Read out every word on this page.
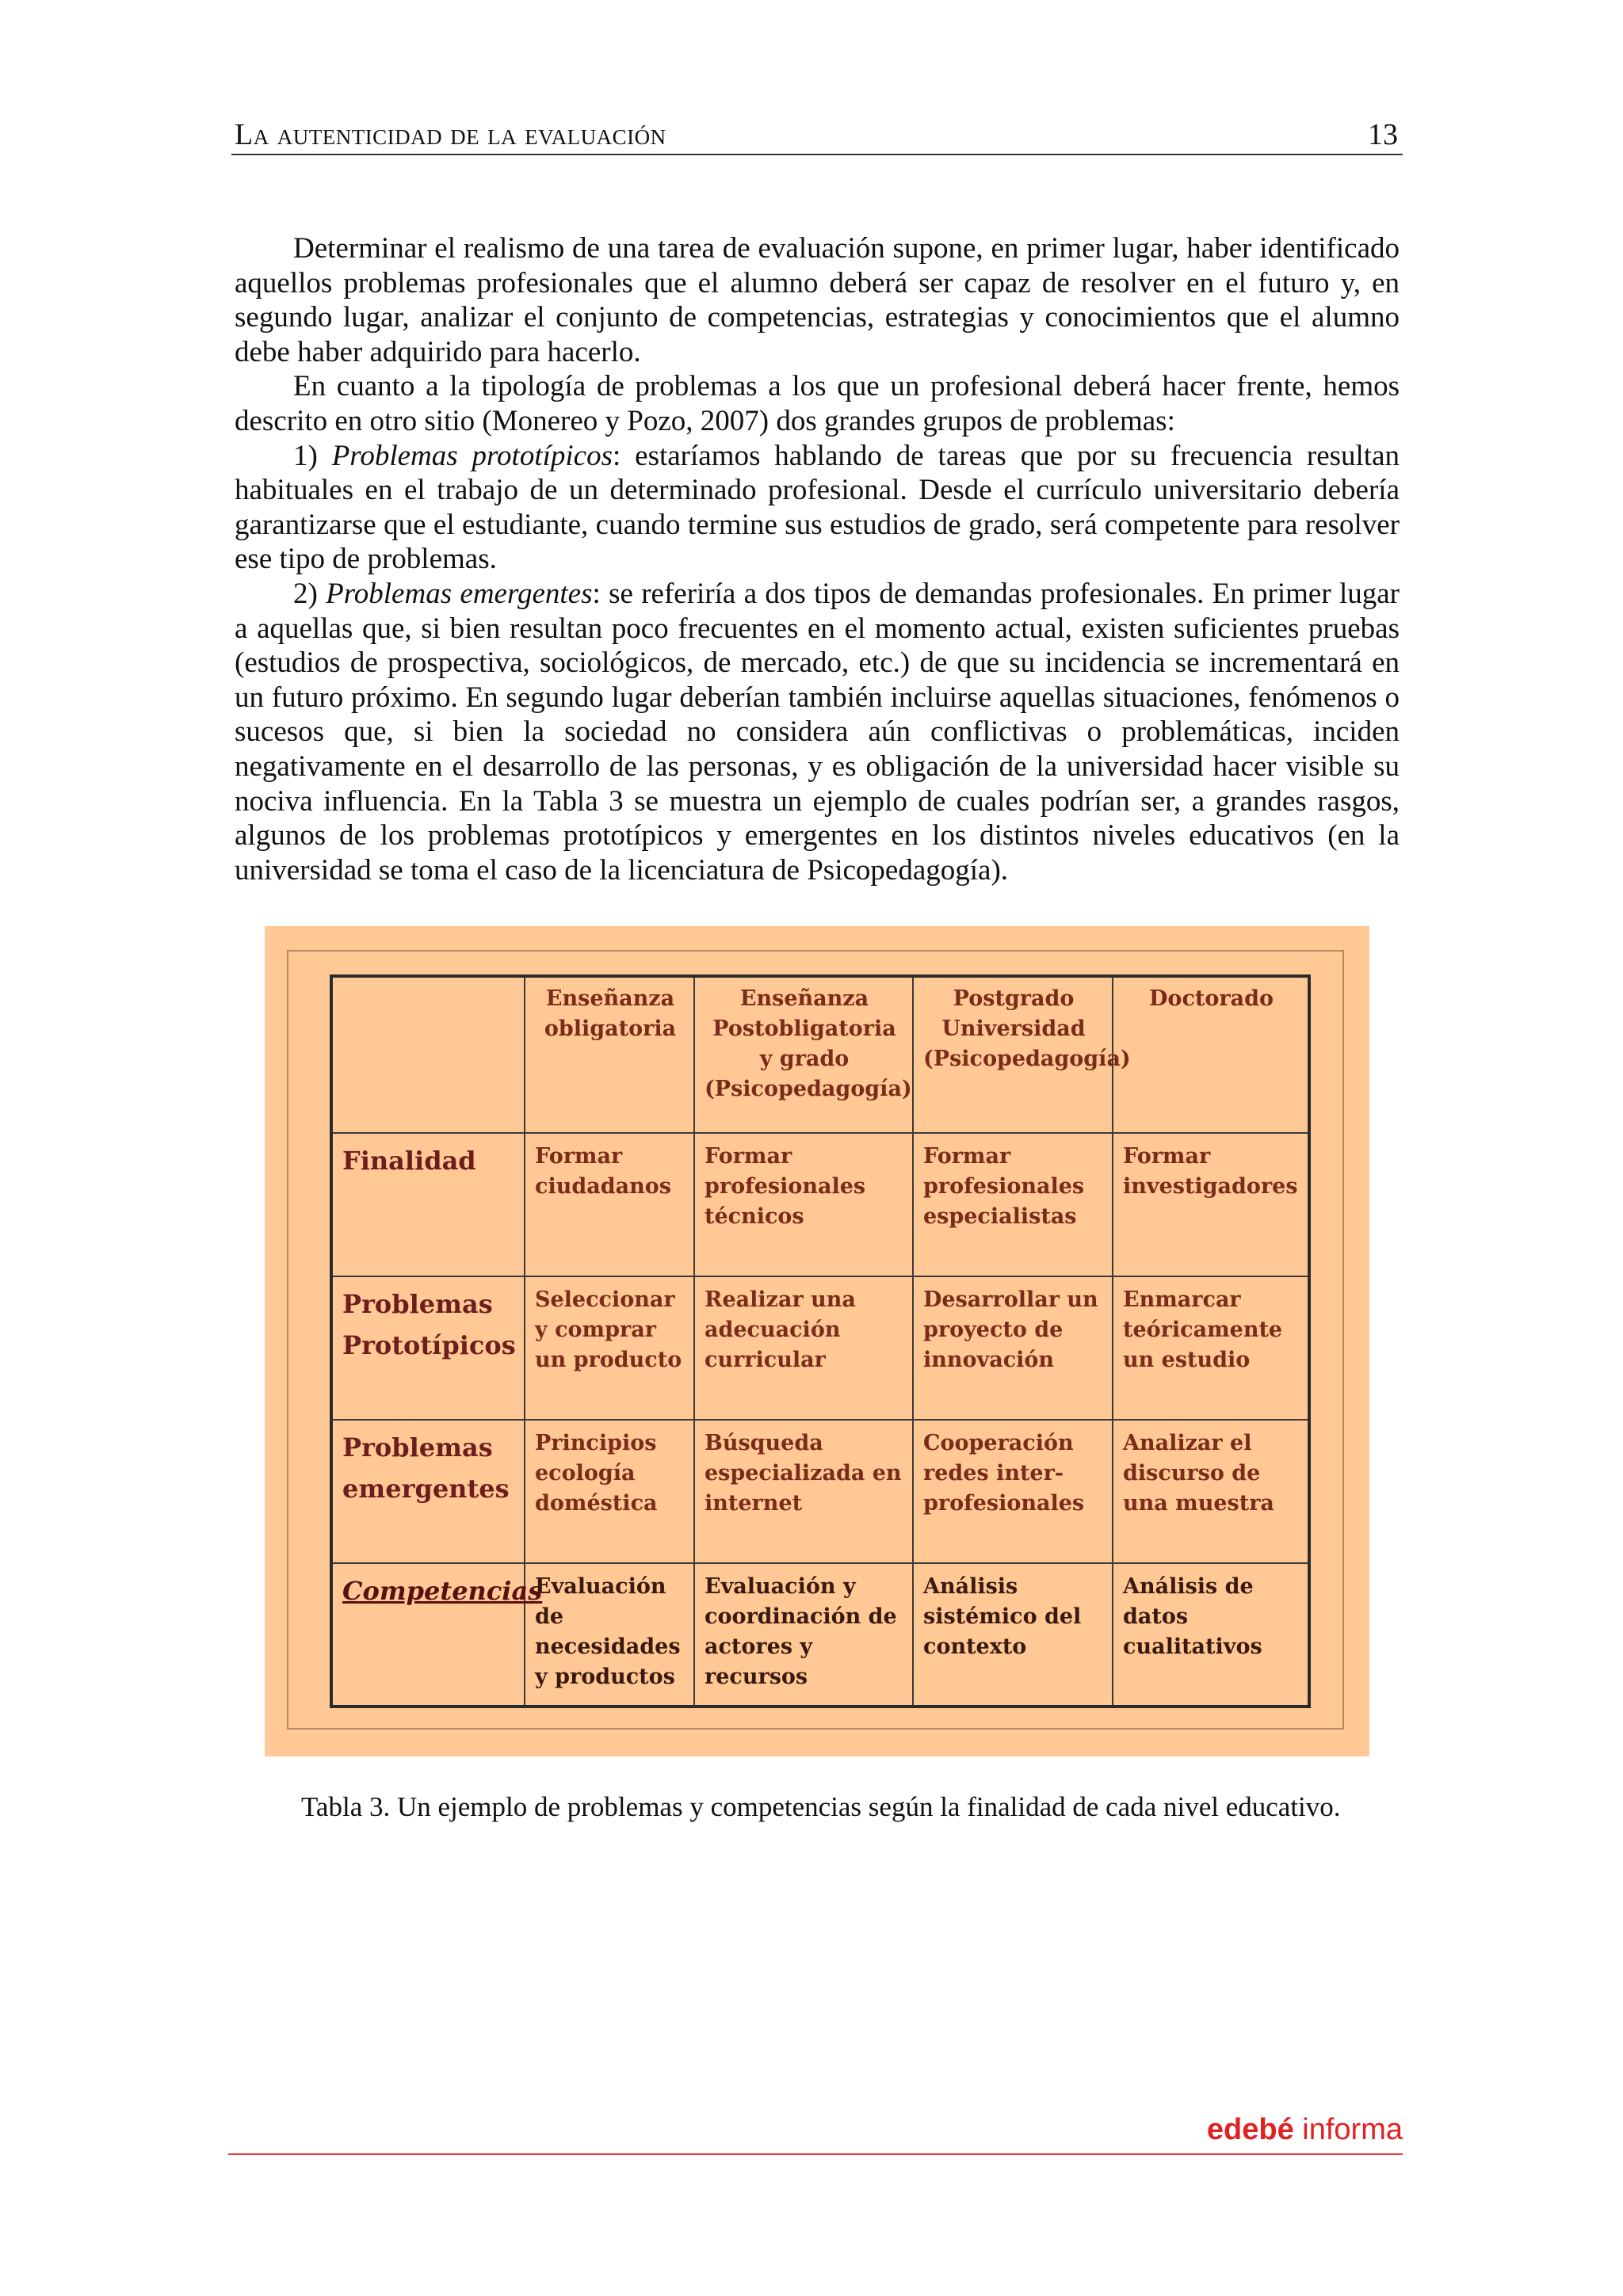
La autenticidad de la evaluación	13

Determinar el realismo de una tarea de evaluación supone, en primer lugar, haber identificado aquellos problemas profesionales que el alumno deberá ser capaz de resolver en el futuro y, en segundo lugar, analizar el conjunto de competencias, estrategias y conocimientos que el alumno debe haber adquirido para hacerlo.

En cuanto a la tipología de problemas a los que un profesional deberá hacer frente, hemos descrito en otro sitio (Monereo y Pozo, 2007) dos grandes grupos de problemas:

1) Problemas prototípicos: estaríamos hablando de tareas que por su frecuencia resultan habituales en el trabajo de un determinado profesional. Desde el currículo universitario debería garantizarse que el estudiante, cuando termine sus estudios de grado, será competente para resolver ese tipo de problemas.

2) Problemas emergentes: se referiría a dos tipos de demandas profesionales. En primer lugar a aquellas que, si bien resultan poco frecuentes en el momento actual, existen suficientes pruebas (estudios de prospectiva, sociológicos, de mercado, etc.) de que su incidencia se incrementará en un futuro próximo. En segundo lugar deberían también incluirse aquellas situaciones, fenómenos o sucesos que, si bien la sociedad no considera aún conflictivas o problemáticas, inciden negativamente en el desarrollo de las personas, y es obligación de la universidad hacer visible su nociva influencia. En la Tabla 3 se muestra un ejemplo de cuales podrían ser, a grandes rasgos, algunos de los problemas prototípicos y emergentes en los distintos niveles educativos (en la universidad se toma el caso de la licenciatura de Psicopedagogía).

	Enseñanza obligatoria	Enseñanza Postobligatoria y grado (Psicopedagogía)	Postgrado Universidad (Psicopedagogía)	Doctorado
Finalidad	Formar ciudadanos	Formar profesionales técnicos	Formar profesionales especialistas	Formar investigadores
Problemas Prototípicos	Seleccionar y comprar un producto	Realizar una adecuación curricular	Desarrollar un proyecto de innovación	Enmarcar teóricamente un estudio
Problemas emergentes	Principios ecología doméstica	Búsqueda especializada en internet	Cooperación redes inter-profesionales	Analizar el discurso de una muestra
Competencias	Evaluación de necesidades y productos	Evaluación y coordinación de actores y recursos	Análisis sistémico del contexto	Análisis de datos cualitativos
Tabla 3. Un ejemplo de problemas y competencias según la finalidad de cada nivel educativo.
edebé informa
